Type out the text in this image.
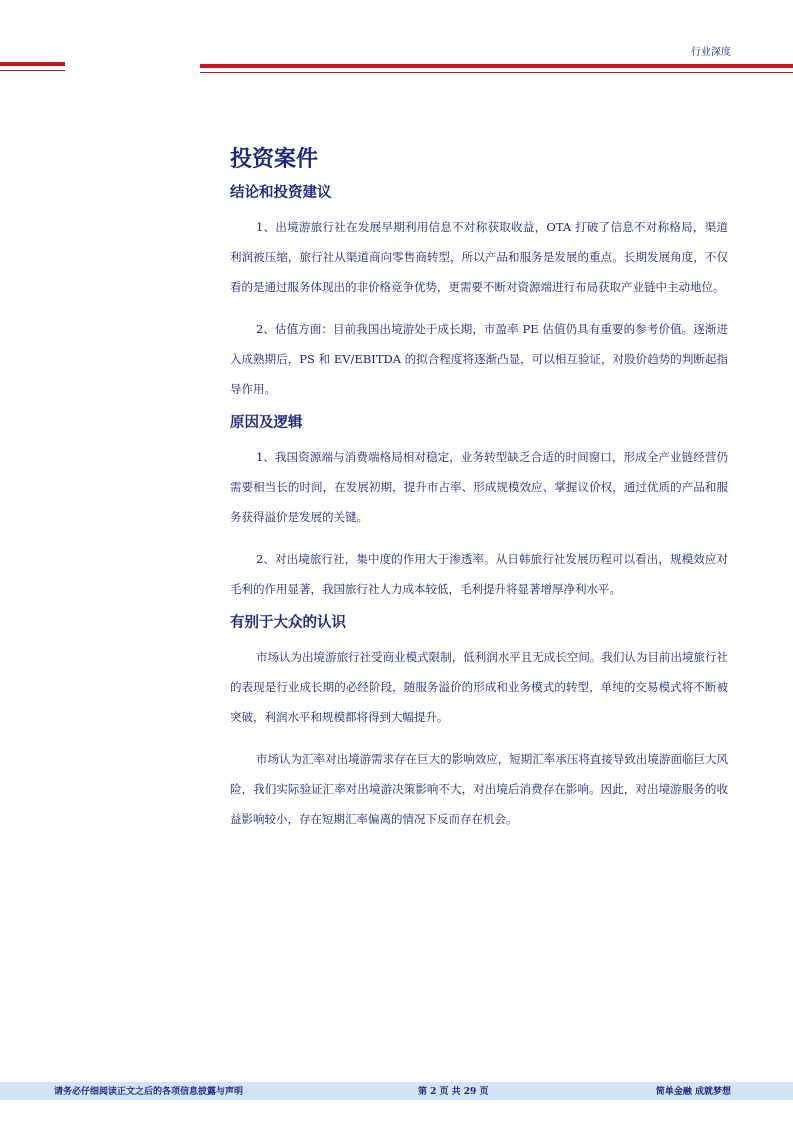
行业深度
投资案件
结论和投资建议

1、出境游旅行社在发展早期利用信息不对称获取收益，OTA 打破了信息不对称格局，渠道利润被压缩，旅行社从渠道商向零售商转型，所以产品和服务是发展的重点。长期发展角度，不仅看的是通过服务体现出的非价格竞争优势，更需要不断对资源端进行布局获取产业链中主动地位。

2、估值方面：目前我国出境游处于成长期，市盈率 PE 估值仍具有重要的参考价值。逐渐进入成熟期后，PS 和 EV/EBITDA 的拟合程度将逐渐凸显，可以相互验证，对股价趋势的判断起指导作用。

原因及逻辑

1、我国资源端与消费端格局相对稳定，业务转型缺乏合适的时间窗口，形成全产业链经营仍需要相当长的时间，在发展初期，提升市占率、形成规模效应、掌握议价权，通过优质的产品和服务获得溢价是发展的关键。

2、对出境旅行社，集中度的作用大于渗透率。从日韩旅行社发展历程可以看出，规模效应对毛利的作用显著，我国旅行社人力成本较低，毛利提升将显著增厚净利水平。

有别于大众的认识

市场认为出境游旅行社受商业模式限制，低利润水平且无成长空间。我们认为目前出境旅行社的表现是行业成长期的必经阶段，随服务溢价的形成和业务模式的转型，单纯的交易模式将不断被突破，利润水平和规模都将得到大幅提升。

市场认为汇率对出境游需求存在巨大的影响效应，短期汇率承压将直接导致出境游面临巨大风险，我们实际验证汇率对出境游决策影响不大，对出境后消费存在影响。因此，对出境游服务的收益影响较小，存在短期汇率偏离的情况下反而存在机会。

请务必仔细阅读正文之后的各项信息披露与声明	第 2 页 共 29 页	简单金融 成就梦想
